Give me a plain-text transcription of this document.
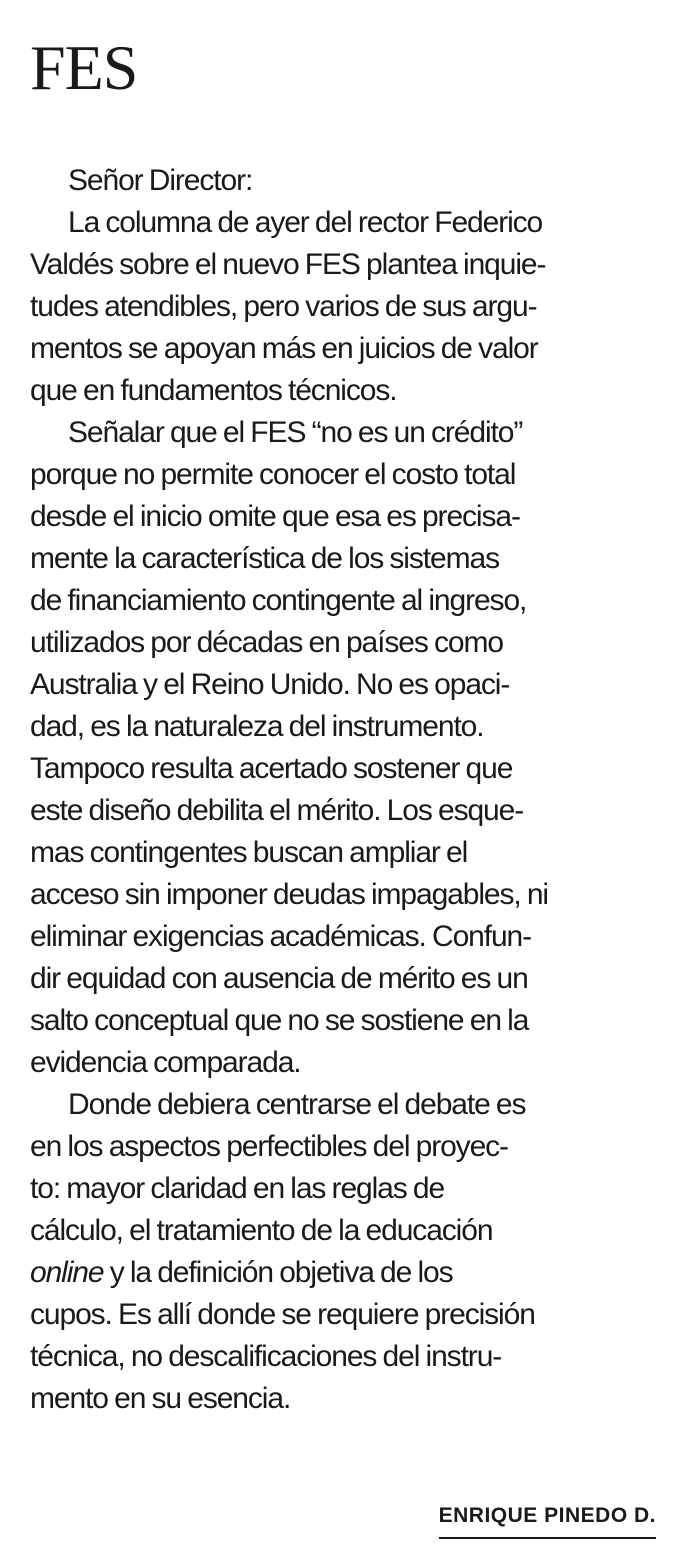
FES
Señor Director:
La columna de ayer del rector Federico
Valdés sobre el nuevo FES plantea inquie-
tudes atendibles, pero varios de sus argu-
mentos se apoyan más en juicios de valor
que en fundamentos técnicos.
Señalar que el FES “no es un crédito”
porque no permite conocer el costo total
desde el inicio omite que esa es precisa-
mente la característica de los sistemas
de financiamiento contingente al ingreso,
utilizados por décadas en países como
Australia y el Reino Unido. No es opaci-
dad, es la naturaleza del instrumento.
Tampoco resulta acertado sostener que
este diseño debilita el mérito. Los esque-
mas contingentes buscan ampliar el
acceso sin imponer deudas impagables, ni
eliminar exigencias académicas. Confun-
dir equidad con ausencia de mérito es un
salto conceptual que no se sostiene en la
evidencia comparada.
Donde debiera centrarse el debate es
en los aspectos perfectibles del proyec-
to: mayor claridad en las reglas de
cálculo, el tratamiento de la educación
online y la definición objetiva de los
cupos. Es allí donde se requiere precisión
técnica, no descalificaciones del instru-
mento en su esencia.
ENRIQUE PINEDO D.
